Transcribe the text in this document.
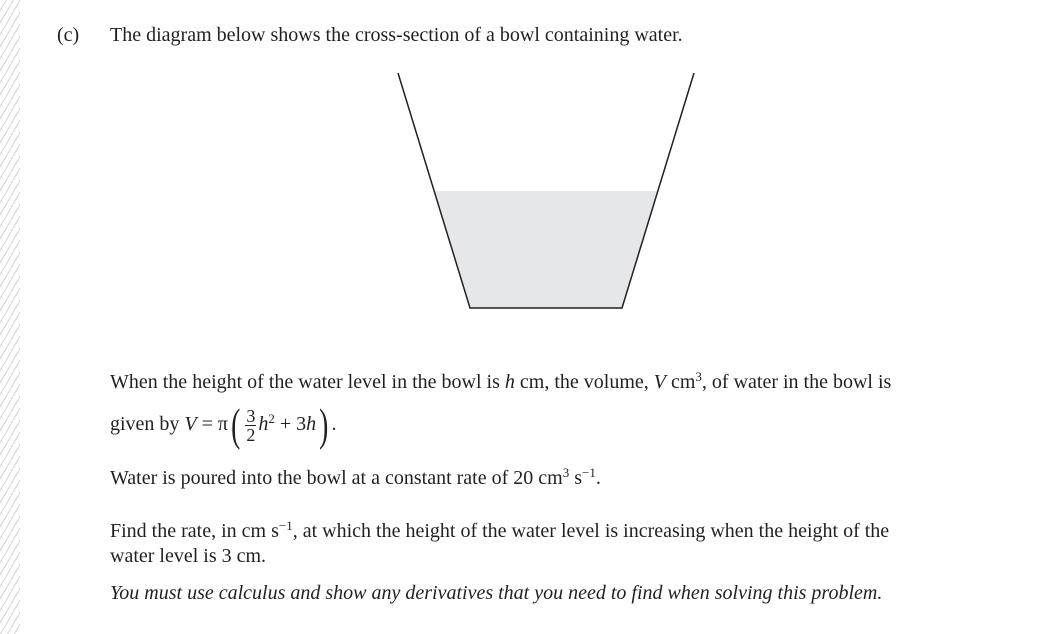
(c) The diagram below shows the cross-section of a bowl containing water.
When the height of the water level in the bowl is h cm, the volume, V $cm^3$, of water in the bowl is
given by $V = \pi( \frac{3}{2} h^2 + 3h)$ .
Water is poured into the bowl at a constant rate of 20 $cm^3$ $s^{-1}$.
Find the rate, in cm $s^{-1}$, at which the height of the water level is increasing when the height of the
water level is 3 cm.
You must use calculus and show any derivatives that you need to find when solving this problem.
